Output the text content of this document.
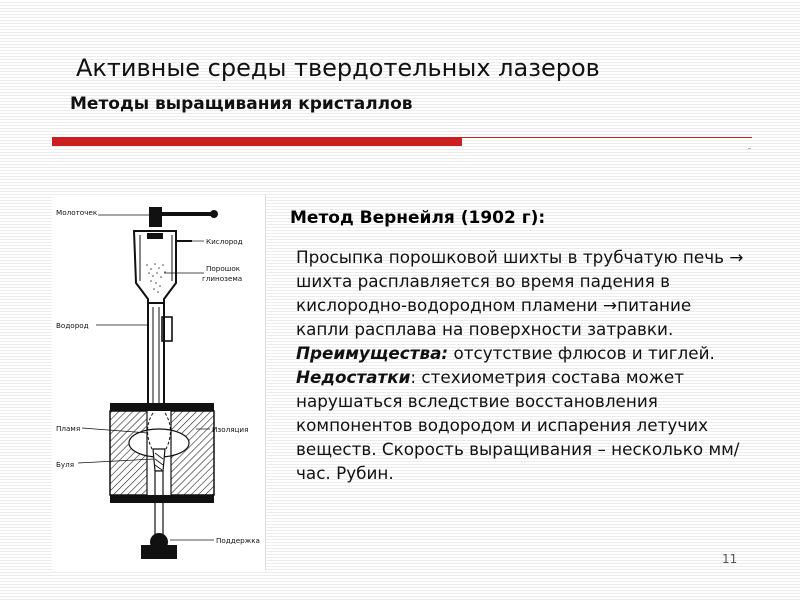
Активные среды твердотельных лазеров
Методы выращивания кристаллов
Молоточек
Кислород
Порошок
глинозема
Водород
Пламя	Изоляция
Буля
Поддержка
Метод Вернейля (1902 г):
Просыпка порошковой шихты в трубчатую печь → шихта расплавляется во время падения в кислородно-водородном пламени →питание капли расплава на поверхности затравки.
Преимущества: отсутствие флюсов и тиглей. Недостатки: стехиометрия состава может нарушаться вследствие восстановления компонентов водородом и испарения летучих веществ. Скорость выращивания – несколько мм/час. Рубин.
11
